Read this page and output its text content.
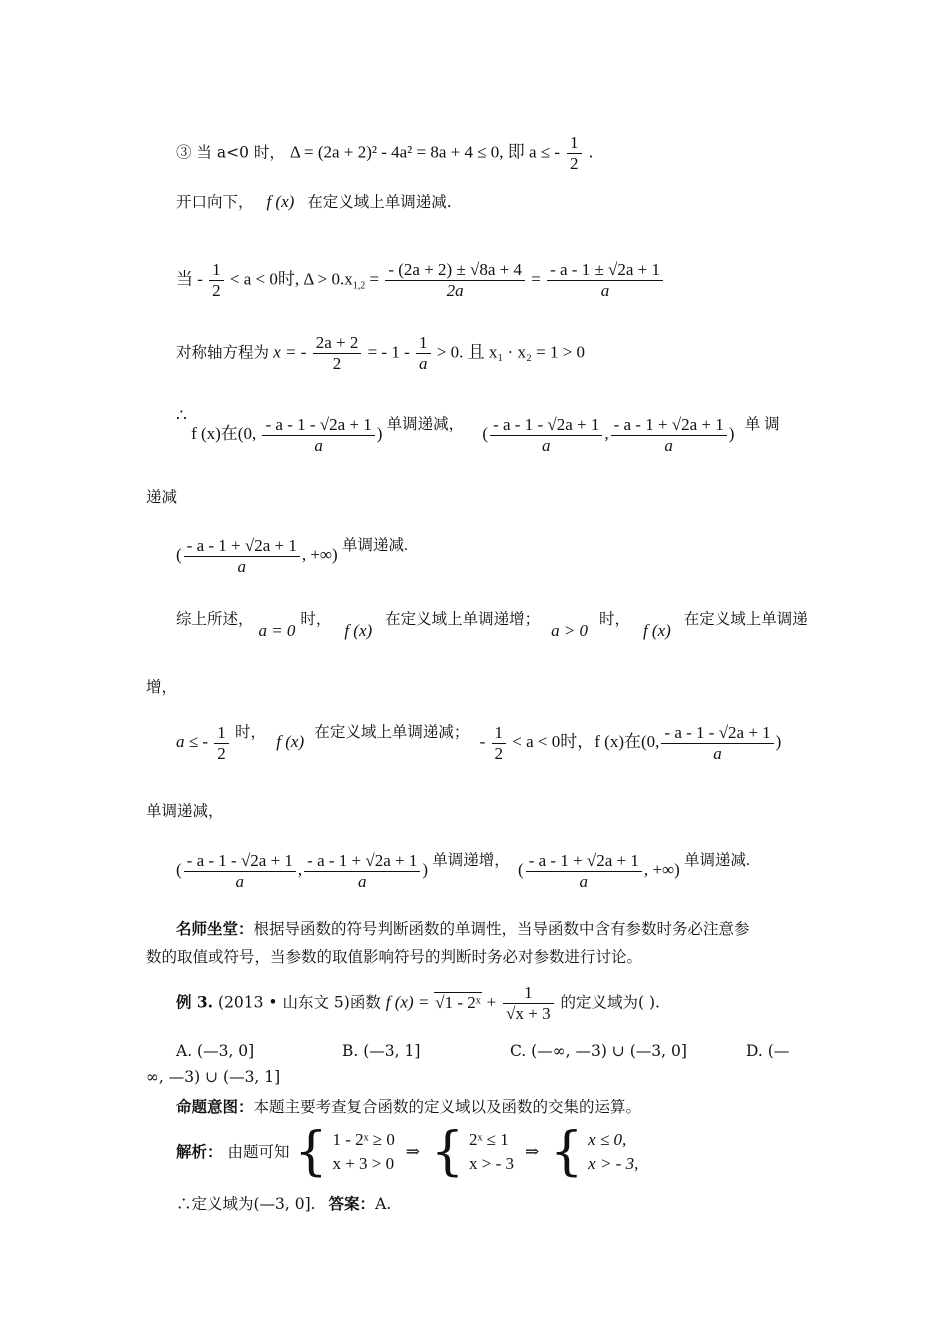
③ 当 a<0 时， Δ = (2a + 2)² - 4a² = 8a + 4 ≤ 0, 即 a ≤ - $\frac{1}{2}$ .
开口向下， f (x) 在定义域上单调递减.
当 - $\frac{1}{2} < a < 0$时, $\Delta > 0.x_{1,2} = \frac{- (2a + 2) \pm √8a + 4}{2a} = \frac{- a - 1 \pm √2a + 1}{a}$
对称轴方程为 x = - $\frac{2a + 2}{2}$ = - $1 - \frac{1}{a} > 0$. 且 x₁ · x₂ = 1 > 0
∴ f (x)在(0, $\frac{- a - 1 - √2a + 1}{a}$ ) 单调递减， ( $\frac{- a - 1 - √2a + 1}{a}$ , $\frac{- a - 1 + √2a + 1}{a}$ ) 单 调
递减
( $\frac{- a - 1 + √2a + 1}{a}$ , +∞) 单调递减.
综上所述， a = 0 时， f (x) 在定义域上单调递增； a > 0 时， f (x) 在定义域上单调递
增，
a ≤ - $\frac{1}{2}$ 时， f (x) 在定义域上单调递减； - $\frac{1}{2} < a < 0$时，f (x)在(0, $\frac{- a - 1 - √2a + 1}{a}$ )
单调递减，
( $\frac{- a - 1 - √2a + 1}{a}$ , $\frac{- a - 1 + √2a + 1}{a}$ ) 单调递增， ( $\frac{- a - 1 + √2a + 1}{a}$ , +∞) 单调递减.
名师坐堂：根据导函数的符号判断函数的单调性，当导函数中含有参数时务必注意参
数的取值或符号，当参数的取值影响符号的判断时务必对参数进行讨论。
例 3. (2013 • 山东文 5)函数 f (x) = √1 - 2ˣ + $\frac{1}{√x + 3}$ 的定义域为( ).
A. (—3, 0]	B. (—3, 1]	C. (—∞, —3) ∪ (—3, 0]	D. (—
∞, —3) ∪ (—3, 1]
命题意图：本题主要考查复合函数的定义域以及函数的交集的运算。
解析： 由题可知 { 1 - 2ˣ ≥ 0
x + 3 > 0
⇒ { 2ˣ ≤ 1
x > - 3
⇒ { x ≤ 0,
x > - 3,
∴定义域为(—3, 0]. 答案：A.
